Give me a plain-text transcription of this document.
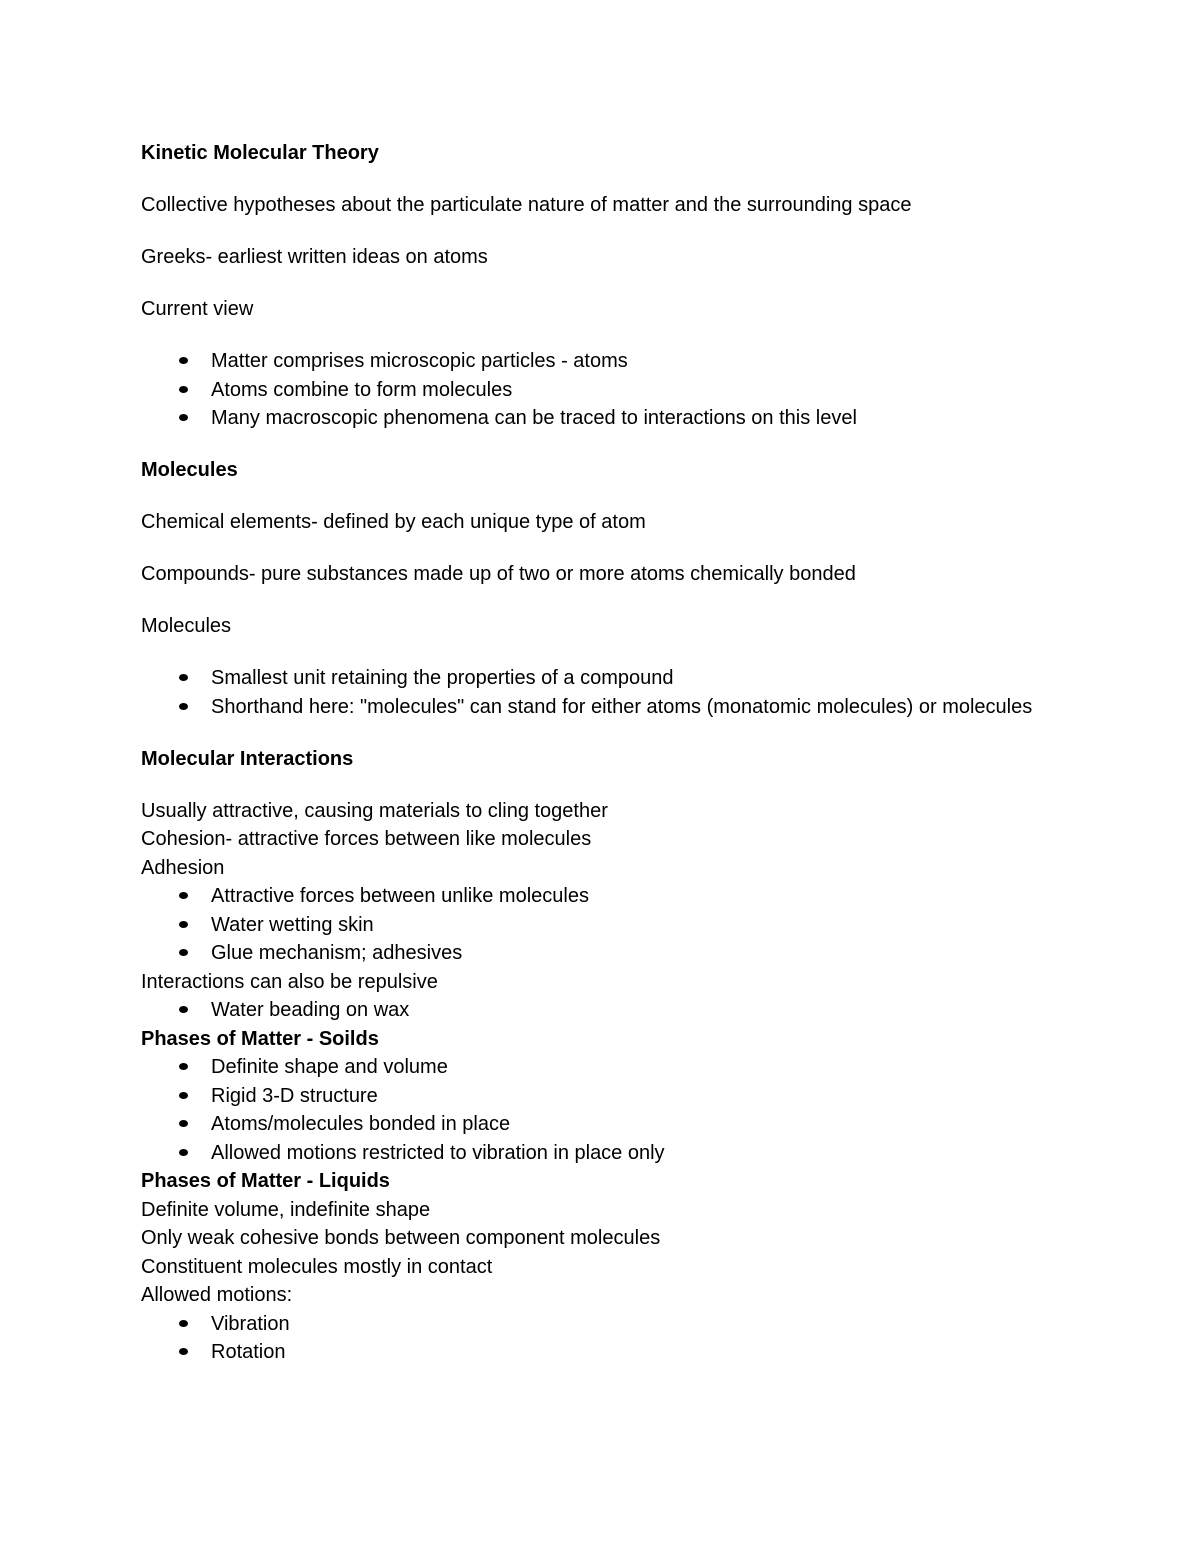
Kinetic Molecular Theory
Collective hypotheses about the particulate nature of matter and the surrounding space
Greeks- earliest written ideas on atoms
Current view
Matter comprises microscopic particles - atoms
Atoms combine to form molecules
Many macroscopic phenomena can be traced to interactions on this level
Molecules
Chemical elements- defined by each unique type of atom
Compounds- pure substances made up of two or more atoms chemically bonded
Molecules
Smallest unit retaining the properties of a compound
Shorthand here: "molecules" can stand for either atoms (monatomic molecules) or molecules
Molecular Interactions
Usually attractive, causing materials to cling together
Cohesion- attractive forces between like molecules
Adhesion
Attractive forces between unlike molecules
Water wetting skin
Glue mechanism; adhesives
Interactions can also be repulsive
Water beading on wax
Phases of Matter - Soilds
Definite shape and volume
Rigid 3-D structure
Atoms/molecules bonded in place
Allowed motions restricted to vibration in place only
Phases of Matter - Liquids
Definite volume, indefinite shape
Only weak cohesive bonds between component molecules
Constituent molecules mostly in contact
Allowed motions:
Vibration
Rotation
